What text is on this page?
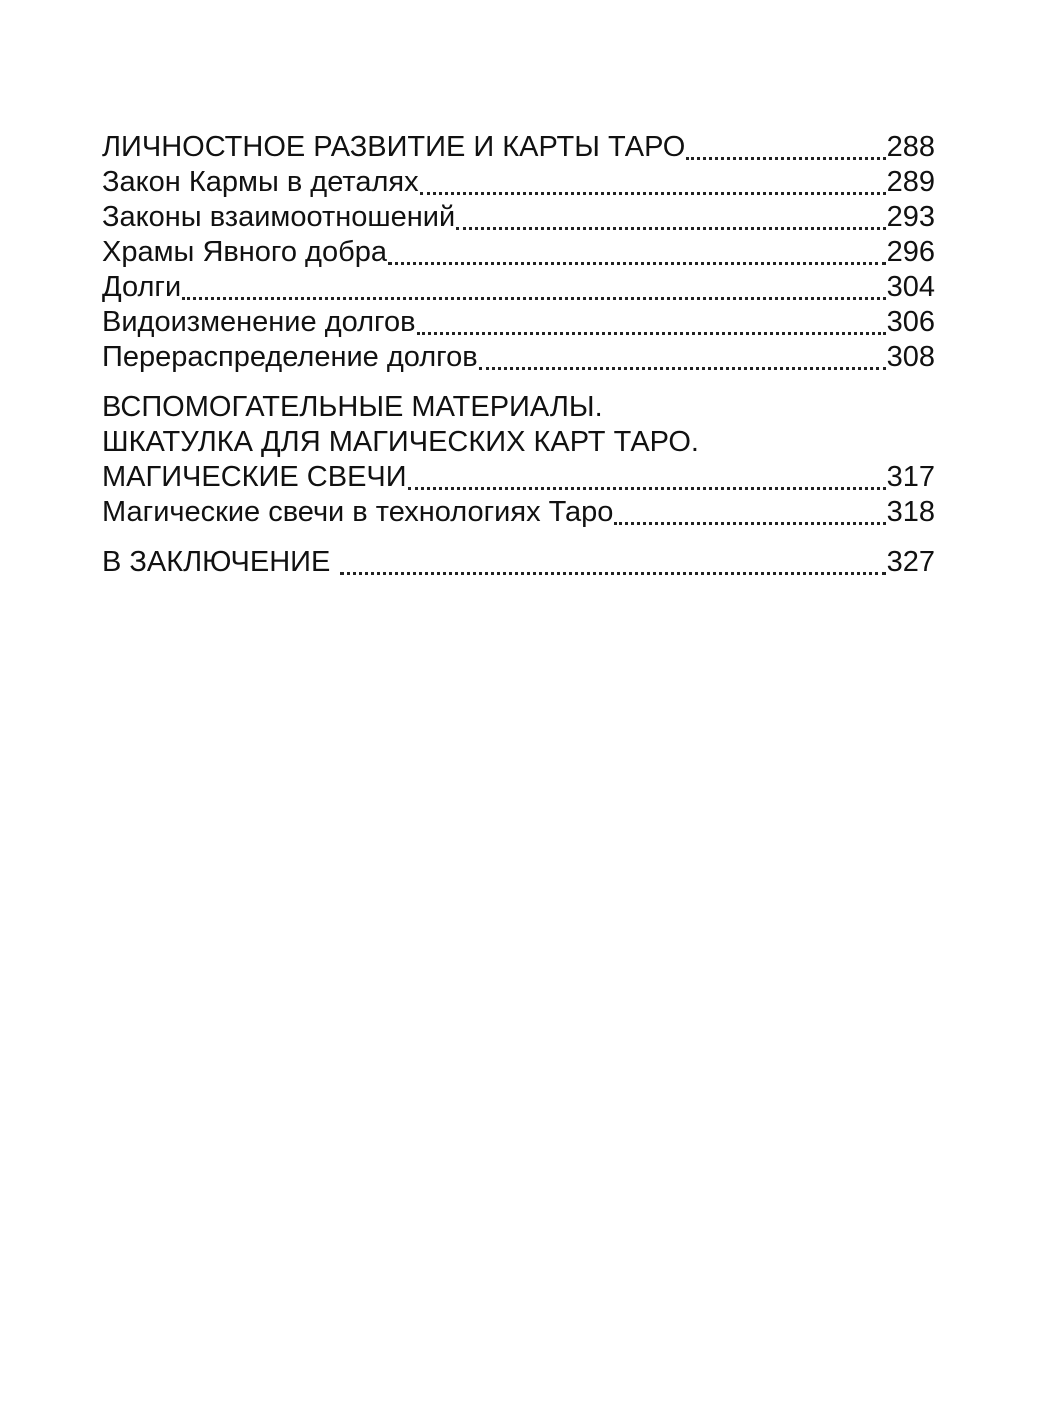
ЛИЧНОСТНОЕ РАЗВИТИЕ И КАРТЫ ТАРО	288
Закон Кармы в деталях	289
Законы взаимоотношений	293
Храмы Явного добра	296
Долги	304
Видоизменение долгов	306
Перераспределение долгов	308
ВСПОМОГАТЕЛЬНЫЕ МАТЕРИАЛЫ.
ШКАТУЛКА ДЛЯ МАГИЧЕСКИХ КАРТ ТАРО.
МАГИЧЕСКИЕ СВЕЧИ	317
Магические свечи в технологиях Таро	318
В ЗАКЛЮЧЕНИЕ	327
